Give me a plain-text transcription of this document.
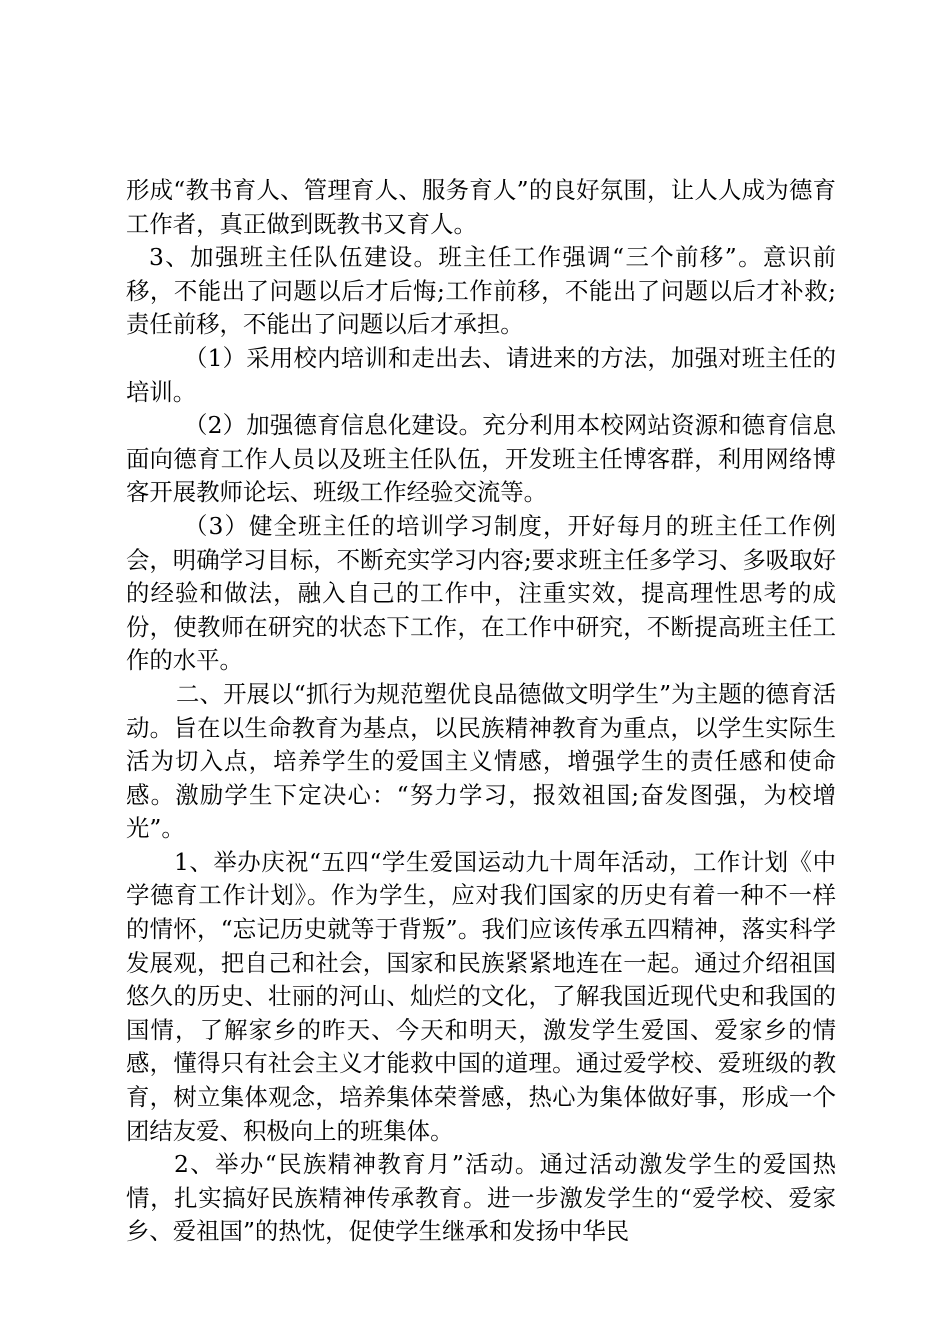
形成“教书育人、管理育人、服务育人”的良好氛围，让人人成为德育工作者，真正做到既教书又育人。

3、加强班主任队伍建设。班主任工作强调“三个前移”。意识前移，不能出了问题以后才后悔;工作前移，不能出了问题以后才补救;责任前移，不能出了问题以后才承担。

（1）采用校内培训和走出去、请进来的方法，加强对班主任的培训。

（2）加强德育信息化建设。充分利用本校网站资源和德育信息面向德育工作人员以及班主任队伍，开发班主任博客群，利用网络博客开展教师论坛、班级工作经验交流等。

（3）健全班主任的培训学习制度，开好每月的班主任工作例会，明确学习目标，不断充实学习内容;要求班主任多学习、多吸取好的经验和做法，融入自己的工作中，注重实效，提高理性思考的成份，使教师在研究的状态下工作，在工作中研究，不断提高班主任工作的水平。

二、开展以“抓行为规范塑优良品德做文明学生”为主题的德育活动。旨在以生命教育为基点，以民族精神教育为重点，以学生实际生活为切入点，培养学生的爱国主义情感，增强学生的责任感和使命感。激励学生下定决心：“努力学习，报效祖国;奋发图强，为校增光”。

1、举办庆祝“五四“学生爱国运动九十周年活动，工作计划《中学德育工作计划》。作为学生，应对我们国家的历史有着一种不一样的情怀，“忘记历史就等于背叛”。我们应该传承五四精神，落实科学发展观，把自己和社会，国家和民族紧紧地连在一起。通过介绍祖国悠久的历史、壮丽的河山、灿烂的文化，了解我国近现代史和我国的国情，了解家乡的昨天、今天和明天，激发学生爱国、爱家乡的情感，懂得只有社会主义才能救中国的道理。通过爱学校、爱班级的教育，树立集体观念，培养集体荣誉感，热心为集体做好事，形成一个团结友爱、积极向上的班集体。

2、举办“民族精神教育月”活动。通过活动激发学生的爱国热情，扎实搞好民族精神传承教育。进一步激发学生的“爱学校、爱家乡、爱祖国”的热忱，促使学生继承和发扬中华民
